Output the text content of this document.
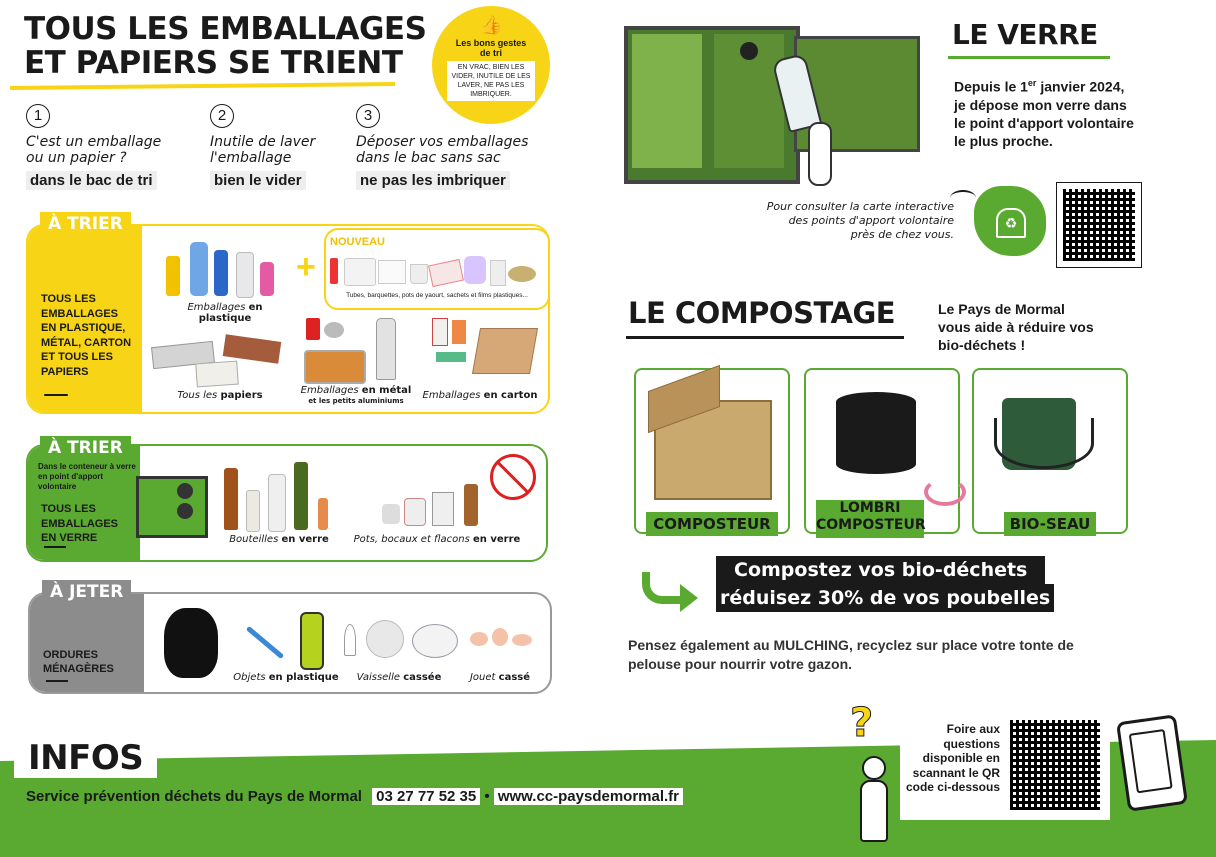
TOUS LES EMBALLAGES
ET PAPIERS SE TRIENT
👍
Les bons gestes de tri
EN VRAC, BIEN LES VIDER, INUTILE DE LES LAVER, NE PAS LES IMBRIQUER.
1
C'est un emballage
ou un papier ?
dans le bac de tri
2
Inutile de laver
l'emballage
bien le vider
3
Déposer vos emballages
dans le bac sans sac
ne pas les imbriquer
TOUS LES EMBALLAGES EN PLASTIQUE, MÉTAL, CARTON ET TOUS LES PAPIERS
Emballages en plastique
+
NOUVEAU
Tubes, barquettes, pots de yaourt, sachets et films plastiques...
Tous les papiers	Emballages en métal
et les petits aluminiums	Emballages en carton
À TRIER
Dans le conteneur à verre en point d'apport volontaire
TOUS LES EMBALLAGES EN VERRE	Bouteilles en verre	Pots, bocaux et flacons en verre
À TRIER
ORDURES MÉNAGÈRES
Objets en plastique	Vaisselle cassée	Jouet cassé
À JETER
LE VERRE
Depuis le 1er janvier 2024,
je dépose mon verre dans
le point d'apport volontaire
le plus proche.
Pour consulter la carte interactive
des points d'apport volontaire
près de chez vous.
♻
LE COMPOSTAGE	Le Pays de Mormal
vous aide à réduire vos
bio-déchets !
COMPOSTEUR
LOMBRI COMPOSTEUR	BIO-SEAU
Compostez vos bio-déchets
réduisez 30% de vos poubelles
Pensez également au MULCHING, recyclez sur place votre tonte de pelouse pour nourrir votre gazon.
INFOS
Service prévention déchets du Pays de Mormal 03 27 77 52 35 • www.cc-paysdemormal.fr
?	Foire aux questions disponible en scannant le QR code ci-dessous
